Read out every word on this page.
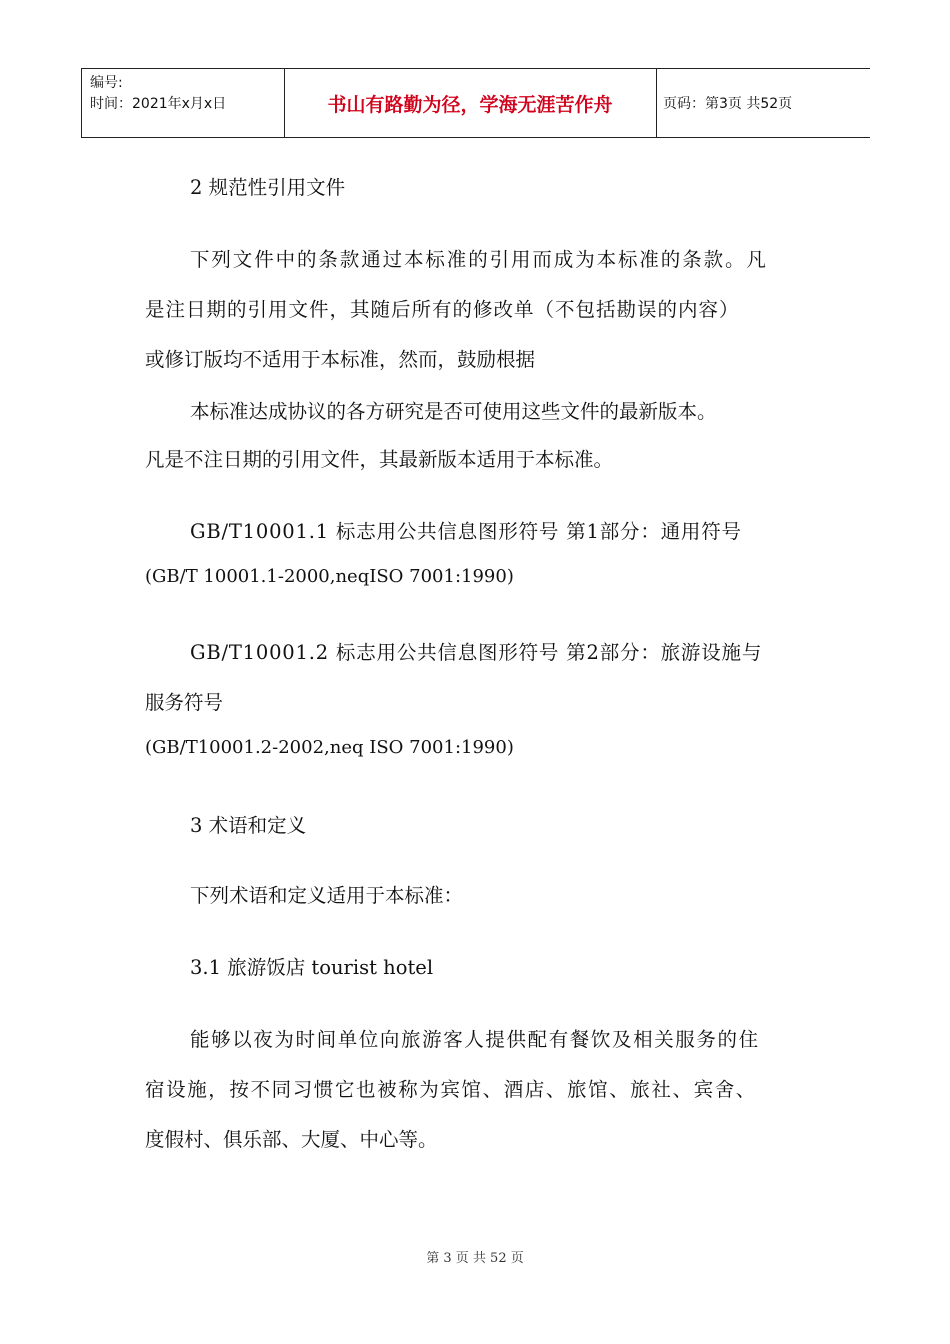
编号:
时间：2021年x月x日	书山有路勤为径，学海无涯苦作舟	页码：第3页 共52页
2 规范性引用文件
下列文件中的条款通过本标准的引用而成为本标准的条款。凡
是注日期的引用文件，其随后所有的修改单（不包括勘误的内容）
或修订版均不适用于本标准，然而，鼓励根据
本标准达成协议的各方研究是否可使用这些文件的最新版本。
凡是不注日期的引用文件，其最新版本适用于本标准。
GB/T10001.1 标志用公共信息图形符号 第1部分：通用符号
(GB/T 10001.1-2000,neqISO 7001:1990)
GB/T10001.2 标志用公共信息图形符号 第2部分：旅游设施与
服务符号
(GB/T10001.2-2002,neq ISO 7001:1990)
3 术语和定义
下列术语和定义适用于本标准：
3.1 旅游饭店 tourist hotel
能够以夜为时间单位向旅游客人提供配有餐饮及相关服务的住
宿设施，按不同习惯它也被称为宾馆、酒店、旅馆、旅社、宾舍、
度假村、俱乐部、大厦、中心等。
第 3 页 共 52 页
